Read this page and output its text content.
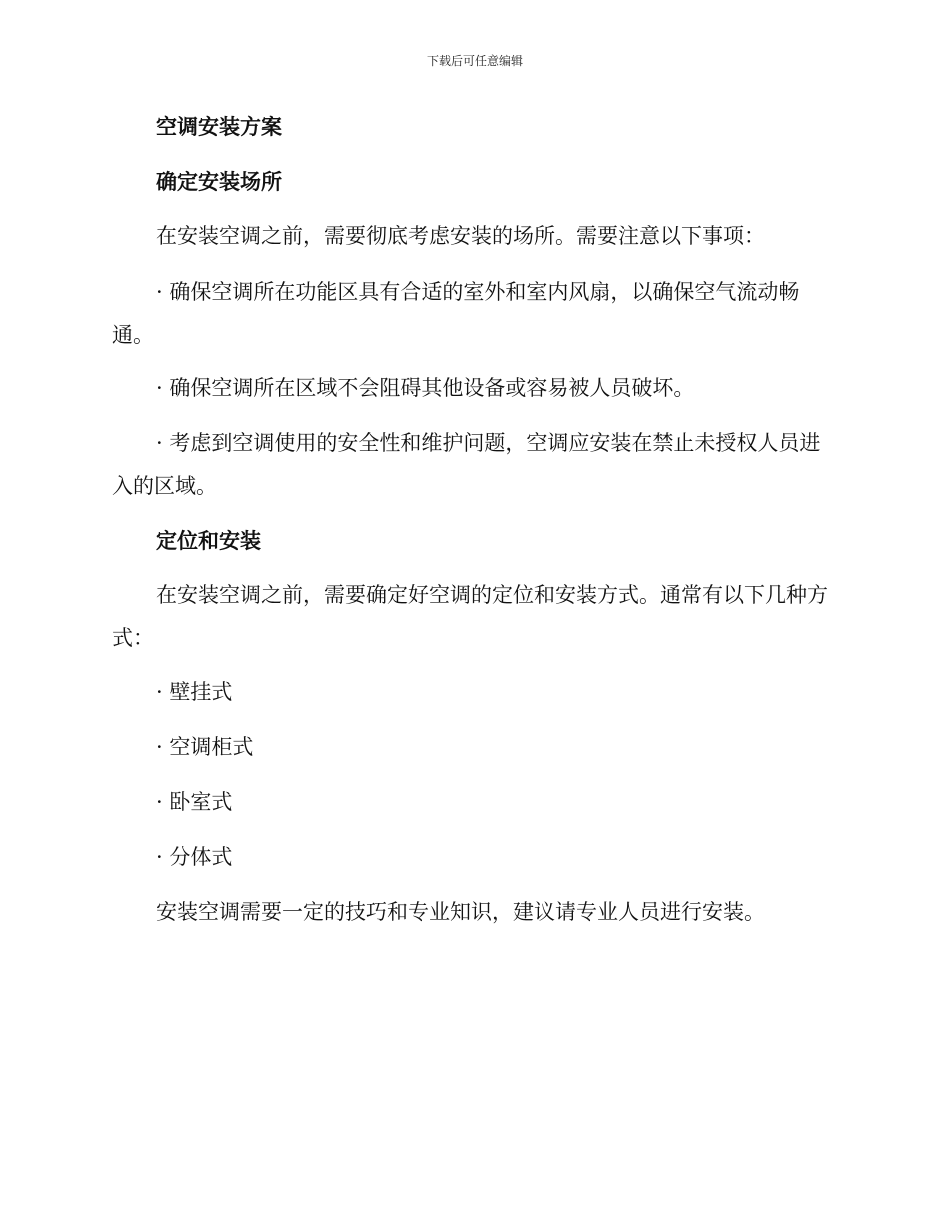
下载后可任意编辑
空调安装方案
确定安装场所
在安装空调之前，需要彻底考虑安装的场所。需要注意以下事项：
· 确保空调所在功能区具有合适的室外和室内风扇，以确保空气流动畅通。
· 确保空调所在区域不会阻碍其他设备或容易被人员破坏。
· 考虑到空调使用的安全性和维护问题，空调应安装在禁止未授权人员进入的区域。
定位和安装
在安装空调之前，需要确定好空调的定位和安装方式。通常有以下几种方式：
· 壁挂式
· 空调柜式
· 卧室式
· 分体式
安装空调需要一定的技巧和专业知识，建议请专业人员进行安装。
